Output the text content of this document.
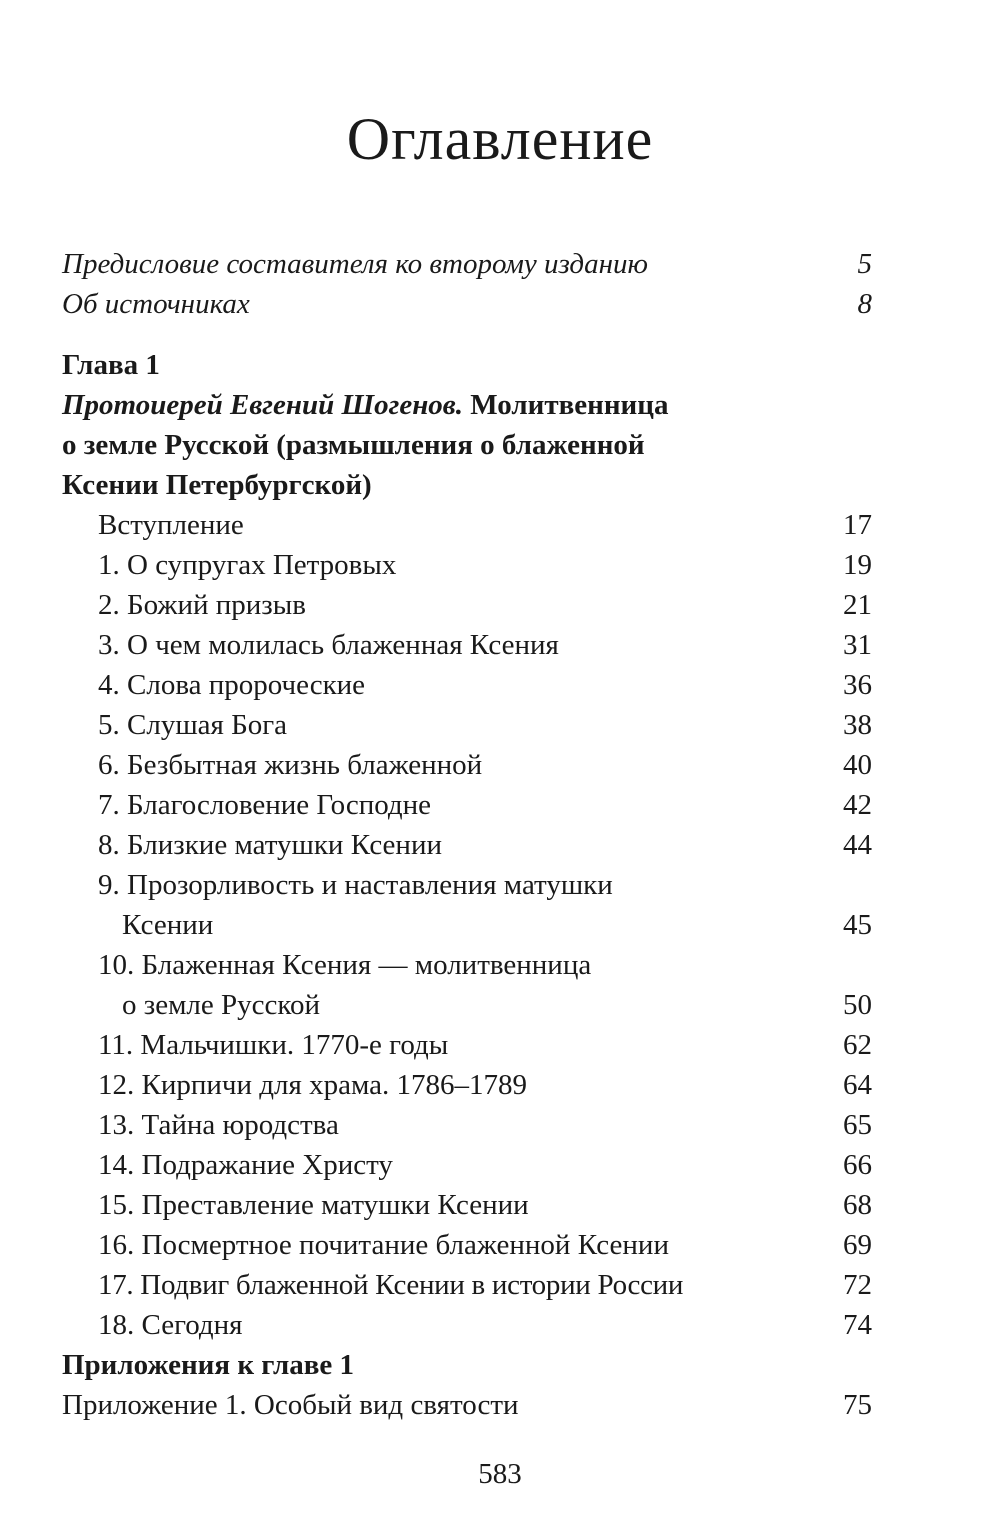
Оглавление
Предисловие составителя ко второму изданию	5
Об источниках	8
Глава 1
Протоиерей Евгений Шогенов. Молитвенница
о земле Русской (размышления о блаженной
Ксении Петербургской)
Вступление	17
1. О супругах Петровых	19
2. Божий призыв	21
3. О чем молилась блаженная Ксения	31
4. Слова пророческие	36
5. Слушая Бога	38
6. Безбытная жизнь блаженной	40
7. Благословение Господне	42
8. Близкие матушки Ксении	44
9. Прозорливость и наставления матушки
Ксении	45
10. Блаженная Ксения — молитвенница
о земле Русской	50
11. Мальчишки. 1770-е годы	62
12. Кирпичи для храма. 1786–1789	64
13. Тайна юродства	65
14. Подражание Христу	66
15. Преставление матушки Ксении	68
16. Посмертное почитание блаженной Ксении	69
17. Подвиг блаженной Ксении в истории России	72
18. Сегодня	74
Приложения к главе 1
Приложение 1. Особый вид святости	75
583
